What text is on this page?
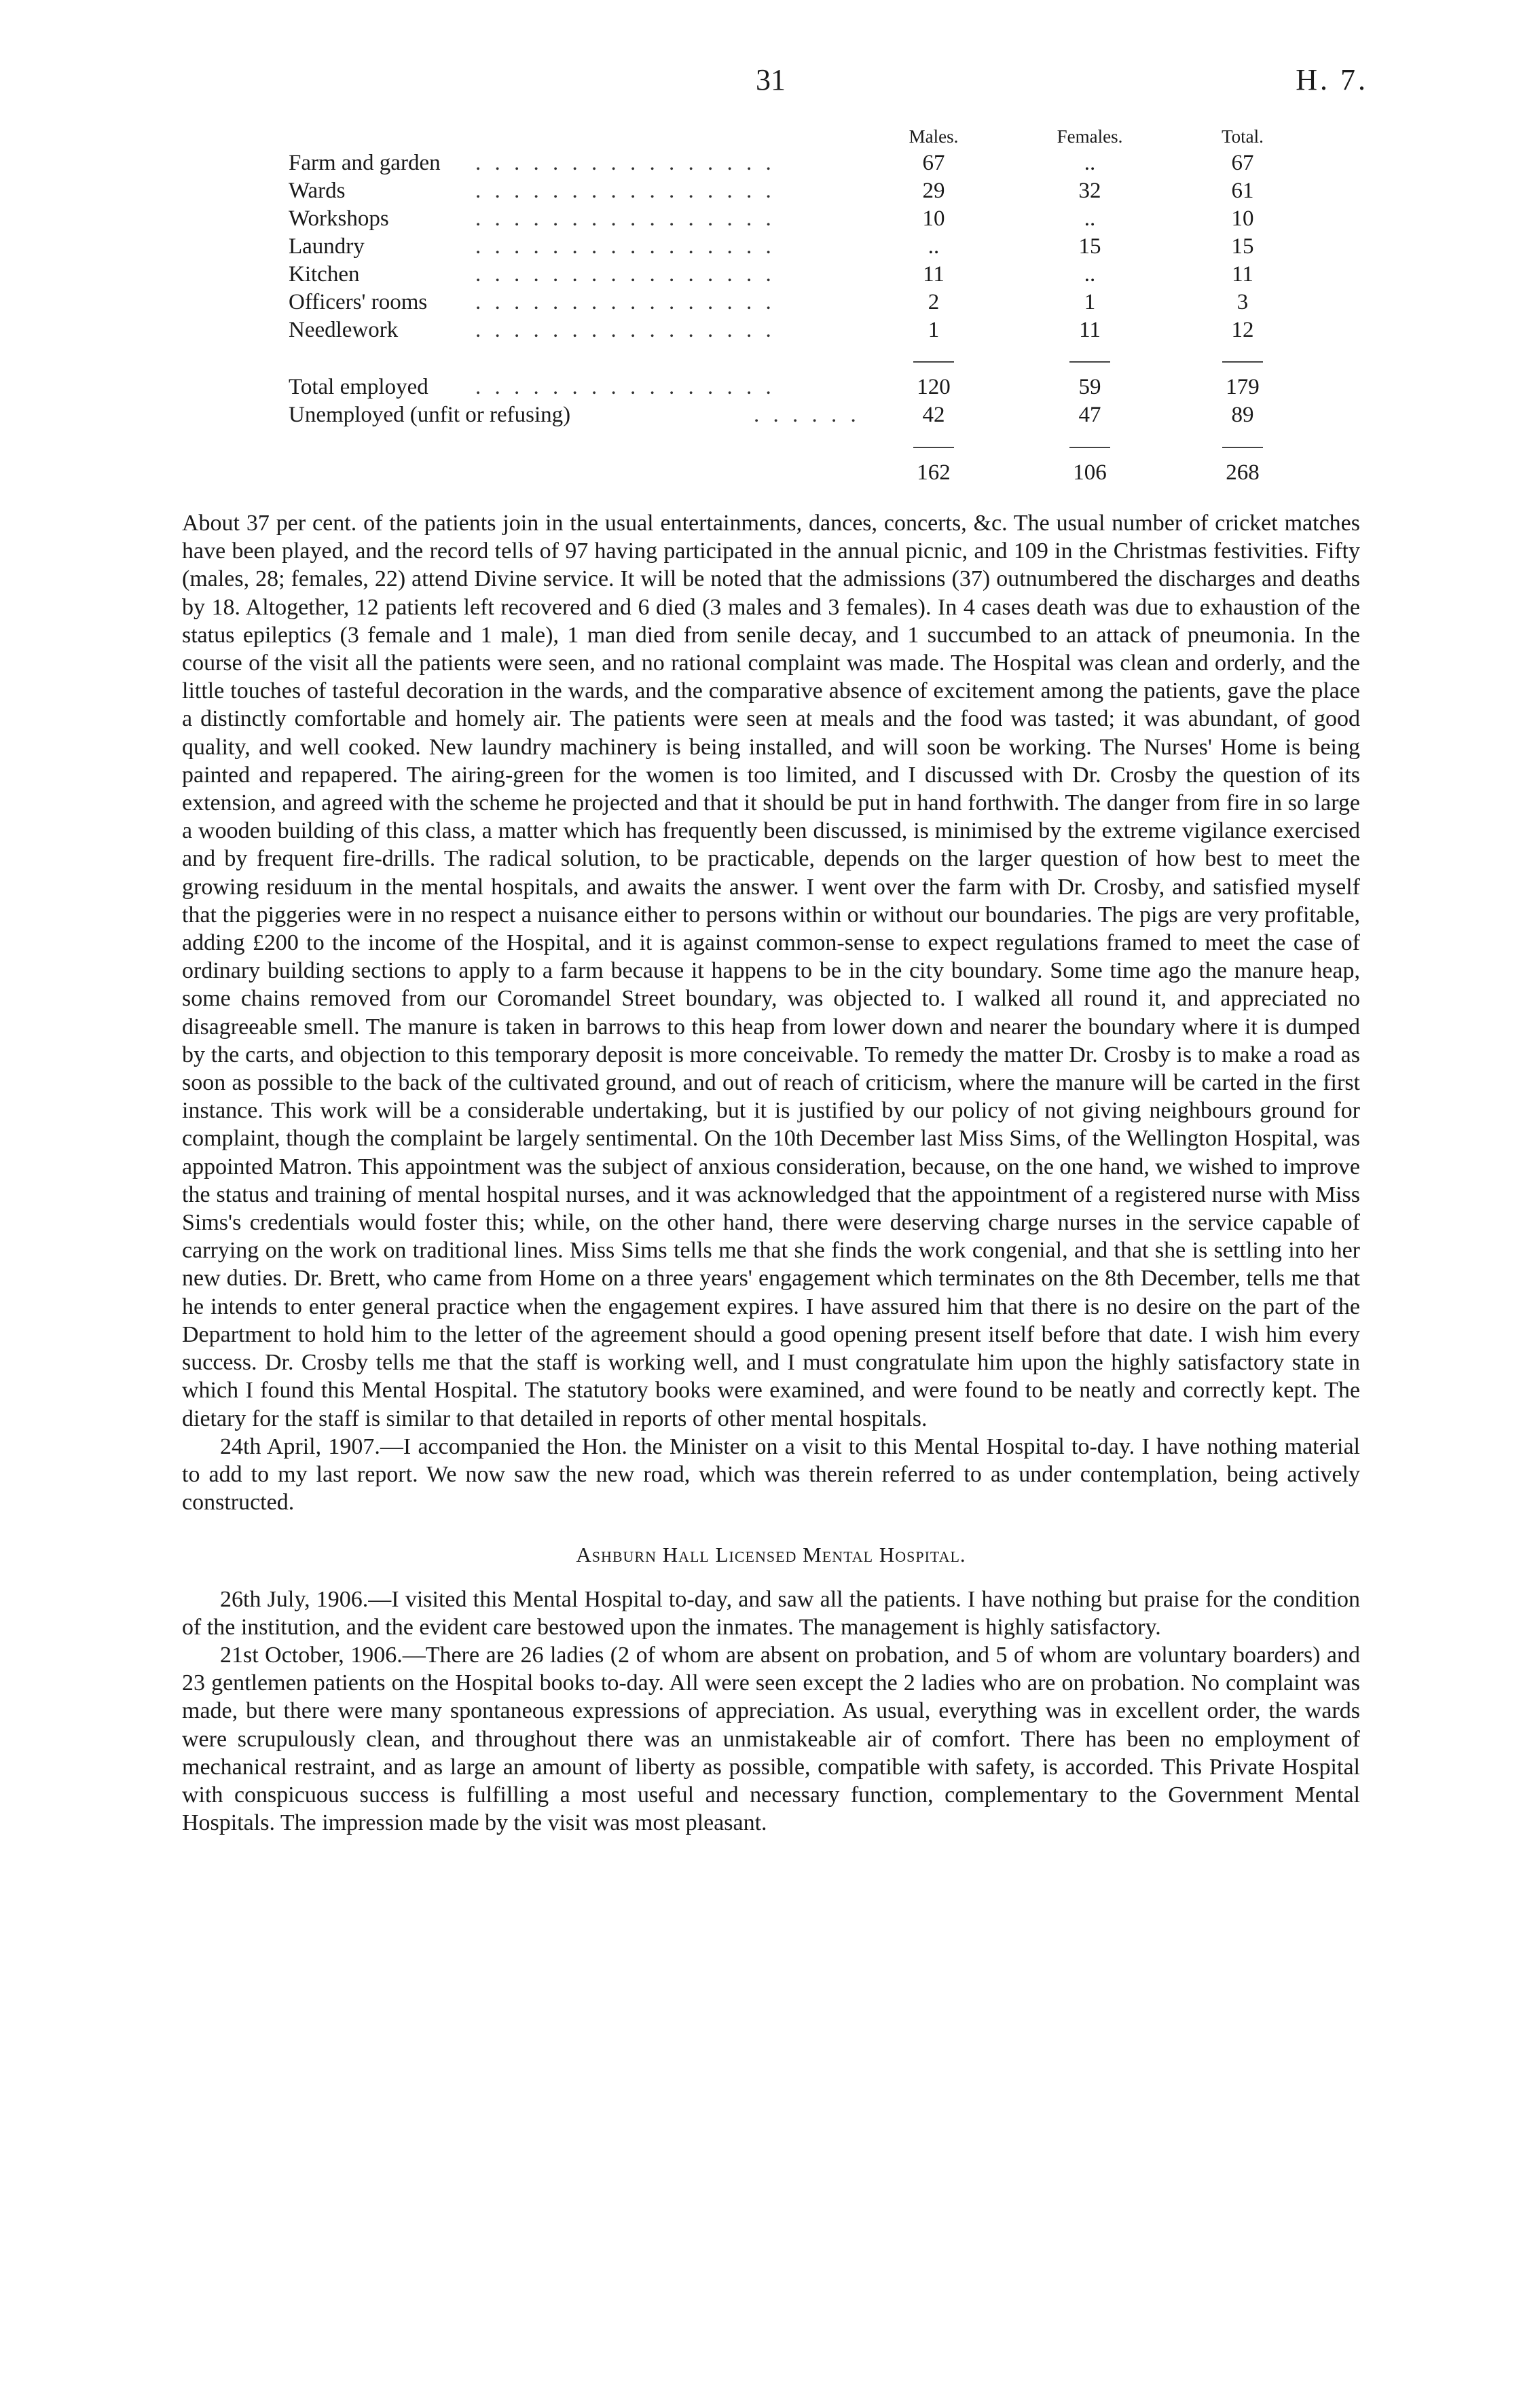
31	H. 7.
Males.	Females.	Total.
Farm and garden . . . . . . . . . . . . . . . .	67	..	67
Wards	. . . . . . . . . . . . . . . .	29	32	61
Workshops	. . . . . . . . . . . . . . . .	10	..	10
Laundry	. . . . . . . . . . . . . . . .	..	15	15
Kitchen	. . . . . . . . . . . . . . . .	11	..	11
Officers' rooms . . . . . . . . . . . . . . . .	2	1	3
Needlework	. . . . . . . . . . . . . . . .	1	11	12
Total employed . . . . . . . . . . . . . . . .	120	59	179
Unemployed (unfit or refusing)	. . . . . .	42	47	89
162	106	268

About 37 per cent. of the patients join in the usual entertainments, dances, concerts, &c. The usual number of cricket matches have been played, and the record tells of 97 having participated in the annual picnic, and 109 in the Christmas festivities. Fifty (males, 28; females, 22) attend Divine service. It will be noted that the admissions (37) outnumbered the discharges and deaths by 18. Altogether, 12 patients left recovered and 6 died (3 males and 3 females). In 4 cases death was due to exhaustion of the status epileptics (3 female and 1 male), 1 man died from senile decay, and 1 succumbed to an attack of pneumonia. In the course of the visit all the patients were seen, and no rational complaint was made. The Hospital was clean and orderly, and the little touches of tasteful decoration in the wards, and the comparative absence of excitement among the patients, gave the place a distinctly comfortable and homely air. The patients were seen at meals and the food was tasted; it was abundant, of good quality, and well cooked. New laundry machinery is being installed, and will soon be working. The Nurses' Home is being painted and repapered. The airing-green for the women is too limited, and I discussed with Dr. Crosby the question of its extension, and agreed with the scheme he projected and that it should be put in hand forthwith. The danger from fire in so large a wooden building of this class, a matter which has frequently been discussed, is minimised by the extreme vigilance exercised and by frequent fire-drills. The radical solution, to be practicable, depends on the larger question of how best to meet the growing residuum in the mental hospitals, and awaits the answer. I went over the farm with Dr. Crosby, and satisfied myself that the piggeries were in no respect a nuisance either to persons within or without our boundaries. The pigs are very profitable, adding £200 to the income of the Hospital, and it is against common-sense to expect regulations framed to meet the case of ordinary building sections to apply to a farm because it happens to be in the city boundary. Some time ago the manure heap, some chains removed from our Coromandel Street boundary, was objected to. I walked all round it, and appreciated no disagreeable smell. The manure is taken in barrows to this heap from lower down and nearer the boundary where it is dumped by the carts, and objection to this temporary deposit is more conceivable. To remedy the matter Dr. Crosby is to make a road as soon as possible to the back of the cultivated ground, and out of reach of criticism, where the manure will be carted in the first instance. This work will be a considerable undertaking, but it is justified by our policy of not giving neighbours ground for complaint, though the complaint be largely sentimental. On the 10th December last Miss Sims, of the Wellington Hospital, was appointed Matron. This appointment was the subject of anxious consideration, because, on the one hand, we wished to improve the status and training of mental hospital nurses, and it was acknowledged that the appointment of a registered nurse with Miss Sims's credentials would foster this; while, on the other hand, there were deserving charge nurses in the service capable of carrying on the work on traditional lines. Miss Sims tells me that she finds the work congenial, and that she is settling into her new duties. Dr. Brett, who came from Home on a three years' engagement which terminates on the 8th December, tells me that he intends to enter general practice when the engagement expires. I have assured him that there is no desire on the part of the Department to hold him to the letter of the agreement should a good opening present itself before that date. I wish him every success. Dr. Crosby tells me that the staff is working well, and I must congratulate him upon the highly satisfactory state in which I found this Mental Hospital. The statutory books were examined, and were found to be neatly and correctly kept. The dietary for the staff is similar to that detailed in reports of other mental hospitals.

24th April, 1907.—I accompanied the Hon. the Minister on a visit to this Mental Hospital to-day. I have nothing material to add to my last report. We now saw the new road, which was therein referred to as under contemplation, being actively constructed.

Ashburn Hall Licensed Mental Hospital.

26th July, 1906.—I visited this Mental Hospital to-day, and saw all the patients. I have nothing but praise for the condition of the institution, and the evident care bestowed upon the inmates. The management is highly satisfactory.

21st October, 1906.—There are 26 ladies (2 of whom are absent on probation, and 5 of whom are voluntary boarders) and 23 gentlemen patients on the Hospital books to-day. All were seen except the 2 ladies who are on probation. No complaint was made, but there were many spontaneous expressions of appreciation. As usual, everything was in excellent order, the wards were scrupulously clean, and throughout there was an unmistakeable air of comfort. There has been no employment of mechanical restraint, and as large an amount of liberty as possible, compatible with safety, is accorded. This Private Hospital with conspicuous success is fulfilling a most useful and necessary function, complementary to the Government Mental Hospitals. The impression made by the visit was most pleasant.
